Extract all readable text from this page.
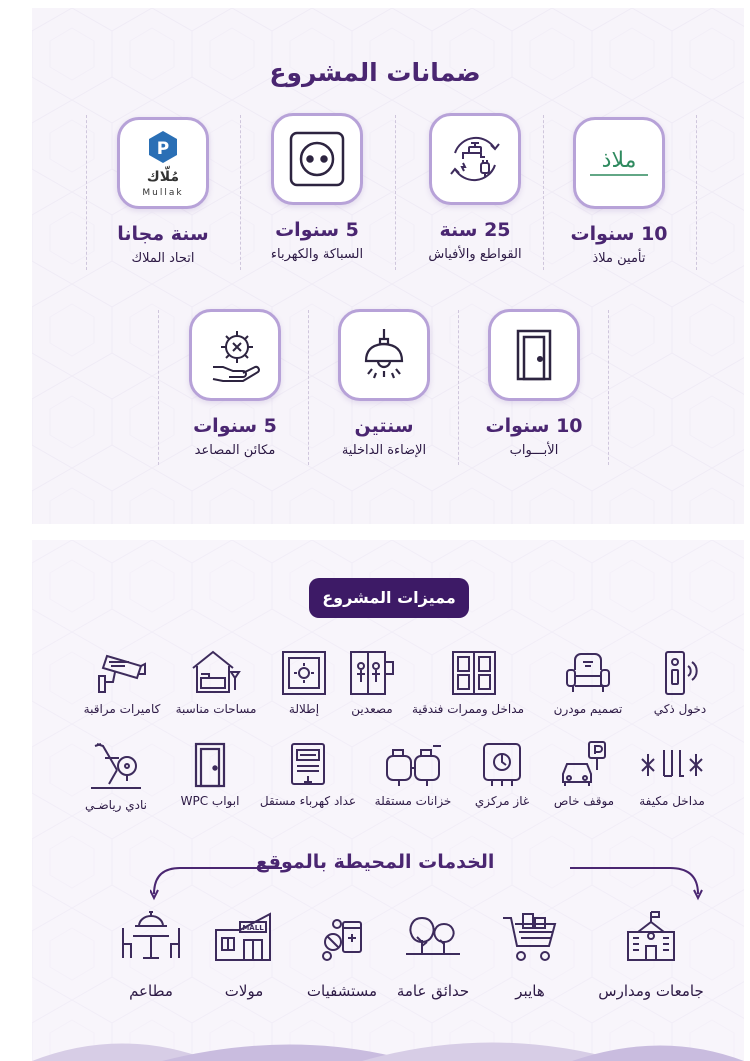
ضمانات المشروع
ملاذ
10 سنوات
تأمين ملاذ
25 سنة
القواطع والأفياش
5 سنوات
السباكة والكهرباء
P
مُلّاك
Mullak
سنة مجانا
اتحاد الملاك
10 سنوات
الأبـــواب
سنتين
الإضاءة الداخلية
5 سنوات
مكائن المصاعد
مميزات المشروع
دخول ذكي
تصميم مودرن
مداخل وممرات فندقية
مصعدين
إطلالة
مساحات مناسبة
كاميرات مراقبة
مداخل مكيفة
موقف خاص
غاز مركزي
خزانات مستقلة
عداد كهرباء مستقل
ابواب WPC
نادي رياضـي
الخدمات المحيطة بالموقع
جامعات ومدارس
هايبر
حدائق عامة
مستشفيات
MALL
مولات
مطاعم
